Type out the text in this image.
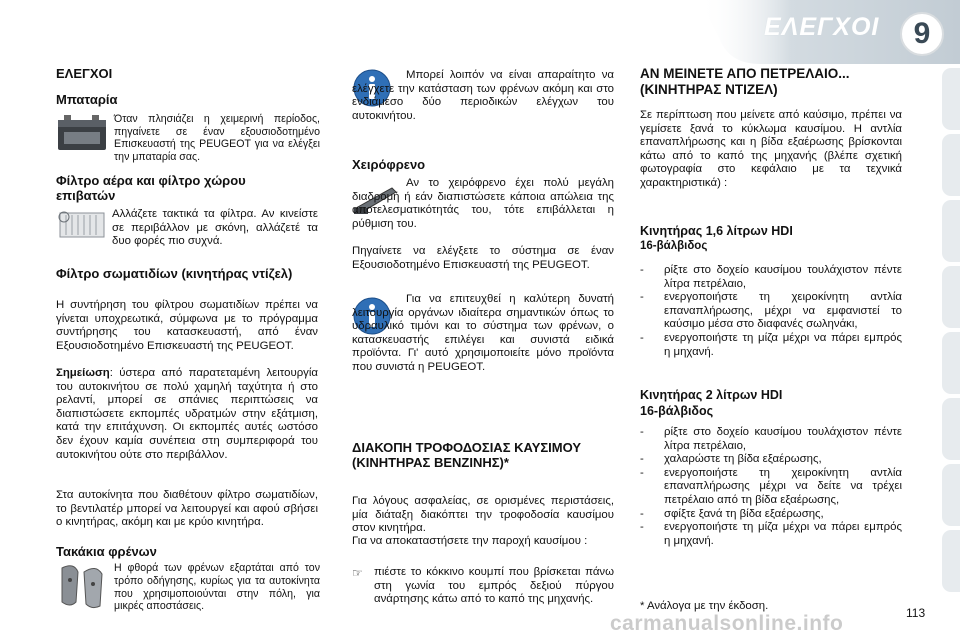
ΕΛΕΓΧΟΙ	9
ΕΛΕΓΧΟΙ
Μπαταρία

Όταν πλησιάζει η χειμερινή περίοδος, πηγαίνετε σε έναν εξουσιοδοτημένο Επισκευαστή της PEUGEOT για να ελέγξει την μπαταρία σας.

Φίλτρο αέρα και φίλτρο χώρου επιβατών

Αλλάζετε τακτικά τα φίλτρα. Αν κινείστε σε περιβάλλον με σκόνη, αλλάζετέ τα δυο φορές πιο συχνά.

Φίλτρο σωματιδίων (κινητήρας ντίζελ)

Η συντήρηση του φίλτρου σωματιδίων πρέπει να γίνεται υποχρεωτικά, σύμφωνα με το πρόγραμμα συντήρησης του κατασκευαστή, από έναν Εξουσιοδοτημένο Επισκευαστή της PEUGEOT.

Σημείωση: ύστερα από παρατεταμένη λειτουργία του αυτοκινήτου σε πολύ χαμηλή ταχύτητα ή στο ρελαντί, μπορεί σε σπάνιες περιπτώσεις να διαπιστώσετε εκπομπές υδρατμών στην εξάτμιση, κατά την επιτάχυνση. Οι εκπομπές αυτές ωστόσο δεν έχουν καμία συνέπεια στη συμπεριφορά του αυτοκινήτου ούτε στο περιβάλλον.

Στα αυτοκίνητα που διαθέτουν φίλτρο σωματιδίων, το βεντιλατέρ μπορεί να λειτουργεί και αφού σβήσει ο κινητήρας, ακόμη και με κρύο κινητήρα.

Τακάκια φρένων

Η φθορά των φρένων εξαρτάται από τον τρόπο οδήγησης, κυρίως για τα αυτοκίνητα που χρησιμοποιούνται στην πόλη, για μικρές αποστάσεις.

Μπορεί λοιπόν να είναι απαραίτητο να ελέγχετε την κατάσταση των φρένων ακόμη και στο ενδιάμεσο δύο περιοδικών ελέγχων του αυτοκινήτου.

Χειρόφρενο

Αν το χειρόφρενο έχει πολύ μεγάλη διαδρομή ή εάν διαπιστώσετε κάποια απώλεια της αποτελεσματικότητάς του, τότε επιβάλλεται η ρύθμιση του.

Πηγαίνετε να ελέγξετε το σύστημα σε έναν Εξουσιοδοτημένο Επισκευαστή της PEUGEOT.

Για να επιτευχθεί η καλύτερη δυνατή λειτουργία οργάνων ιδιαίτερα σημαντικών όπως το υδραυλικό τιμόνι και το σύστημα των φρένων, ο κατασκευαστής επιλέγει και συνιστά ειδικά προϊόντα. Γι' αυτό χρησιμοποιείτε μόνο προϊόντα που συνιστά η PEUGEOT.

ΔΙΑΚΟΠΗ ΤΡΟΦΟΔΟΣΙΑΣ ΚΑΥΣΙΜΟΥ (ΚΙΝΗΤΗΡΑΣ ΒΕΝΖΙΝΗΣ)*

Για λόγους ασφαλείας, σε ορισμένες περιστάσεις, μία διάταξη διακόπτει την τροφοδοσία καυσίμου στον κινητήρα.

Για να αποκαταστήσετε την παροχή καυσίμου :

☞ πιέστε το κόκκινο κουμπί που βρίσκεται πάνω στη γωνία του εμπρός δεξιού πύργου ανάρτησης κάτω από το καπό της μηχανής.

ΑΝ ΜΕΙΝΕΤΕ ΑΠΟ ΠΕΤΡΕΛΑΙΟ... (ΚΙΝΗΤΗΡΑΣ ΝΤΙΖΕΛ)

Σε περίπτωση που μείνετε από καύσιμο, πρέπει να γεμίσετε ξανά το κύκλωμα καυσίμου. Η αντλία επαναπλήρωσης και η βίδα εξαέρωσης βρίσκονται κάτω από το καπό της μηχανής (βλέπε σχετική φωτογραφία στο κεφάλαιο με τα τεχνικά χαρακτηριστικά) :

Κινητήρας 1,6 λίτρων HDI
16-βάλβιδος
- ρίξτε στο δοχείο καυσίμου τουλάχιστον πέντε λίτρα πετρέλαιο,
- ενεργοποιήστε τη χειροκίνητη αντλία επαναπλήρωσης, μέχρι να εμφανιστεί το καύσιμο μέσα στο διαφανές σωληνάκι,
- ενεργοποιήστε τη μίζα μέχρι να πάρει εμπρός η μηχανή.
Κινητήρας 2 λίτρων HDI
16-βάλβιδος
- ρίξτε στο δοχείο καυσίμου τουλάχιστον πέντε λίτρα πετρέλαιο,
- χαλαρώστε τη βίδα εξαέρωσης,
- ενεργοποιήστε τη χειροκίνητη αντλία επαναπλήρωσης μέχρι να δείτε να τρέχει πετρέλαιο από τη βίδα εξαέρωσης,
- σφίξτε ξανά τη βίδα εξαέρωσης,
- ενεργοποιήστε τη μίζα μέχρι να πάρει εμπρός η μηχανή.

* Ανάλογα με την έκδοση.	113
carmanualsonline.info
